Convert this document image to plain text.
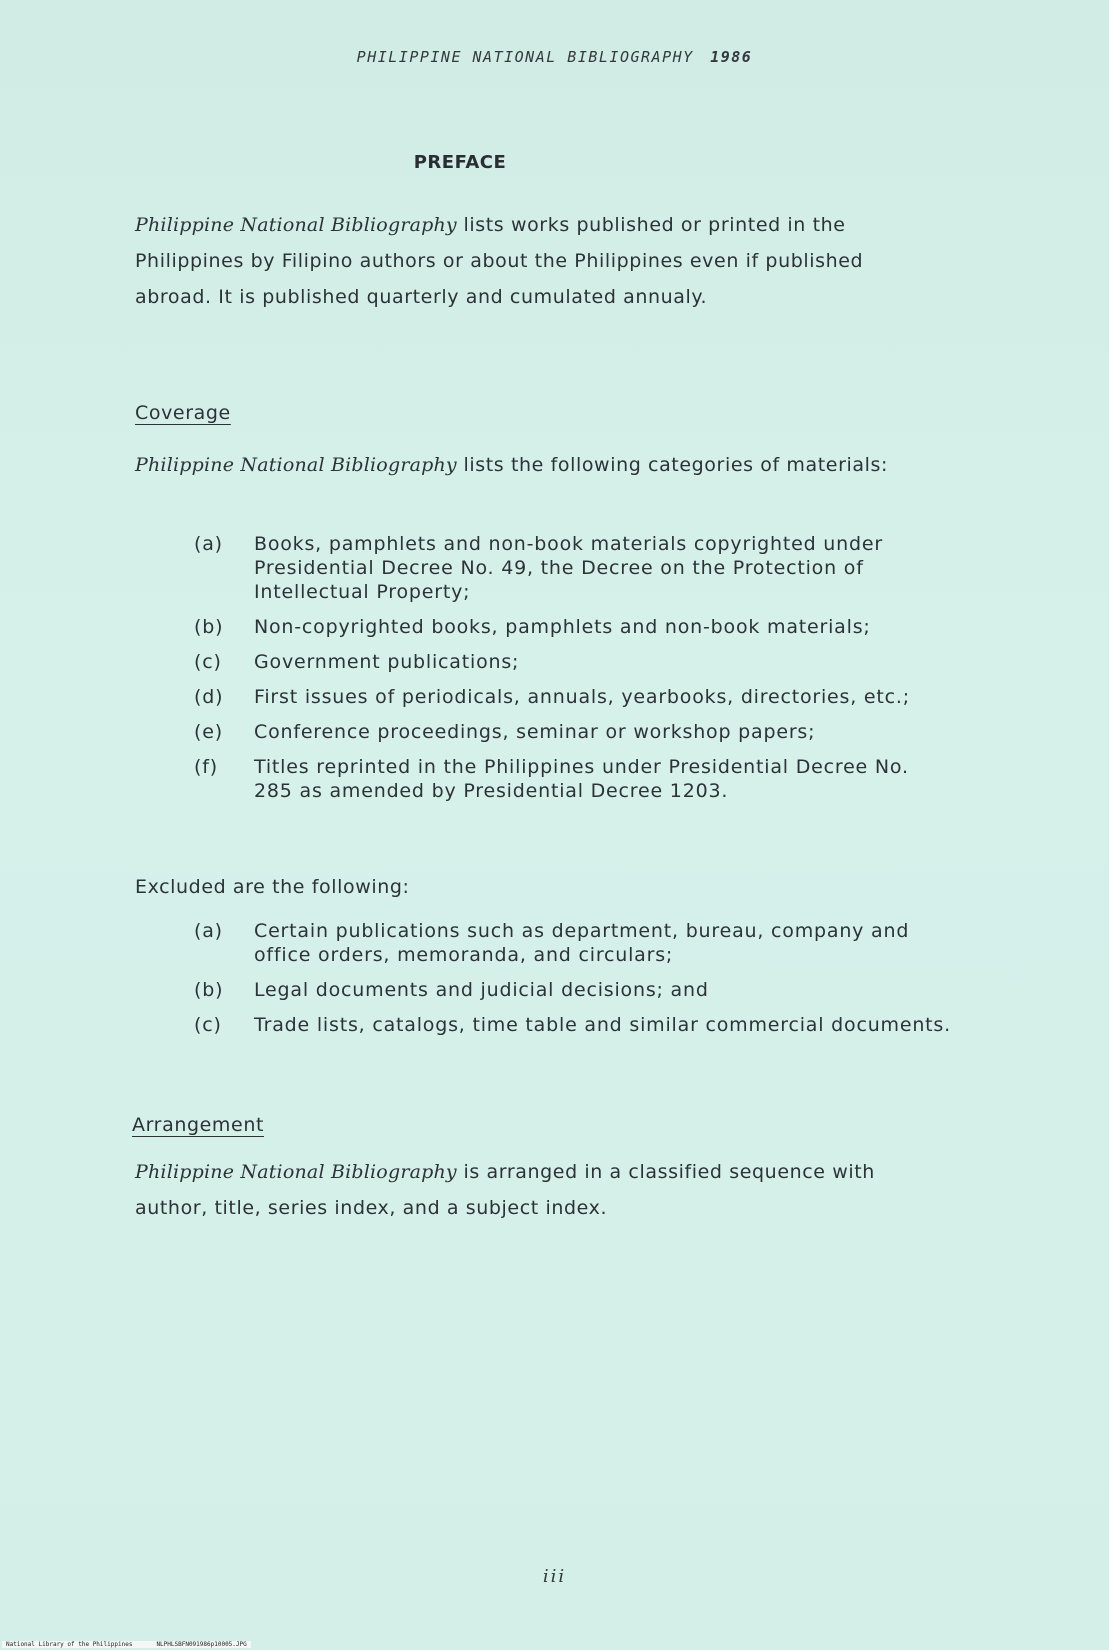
PHILIPPINE NATIONAL BIBLIOGRAPHY 1986
PREFACE
Philippine National Bibliography lists works published or printed in the Philippines by Filipino authors or about the Philippines even if published abroad. It is published quarterly and cumulated annualy.
Coverage
Philippine National Bibliography lists the following categories of materials:
(a)	Books, pamphlets and non-book materials copyrighted under Presidential Decree No. 49, the Decree on the Protection of Intellectual Property;
(b)	Non-copyrighted books, pamphlets and non-book materials;
(c)	Government publications;
(d)	First issues of periodicals, annuals, yearbooks, directories, etc.;
(e)	Conference proceedings, seminar or workshop papers;
(f)	Titles reprinted in the Philippines under Presidential Decree No. 285 as amended by Presidential Decree 1203.
Excluded are the following:
(a)	Certain publications such as department, bureau, company and office orders, memoranda, and circulars;
(b)	Legal documents and judicial decisions; and
(c)	Trade lists, catalogs, time table and similar commercial documents.
Arrangement
Philippine National Bibliography is arranged in a classified sequence with author, title, series index, and a subject index.
iii
National Library of the Philippines	NLPHLSBFN091986p10005.JPG
